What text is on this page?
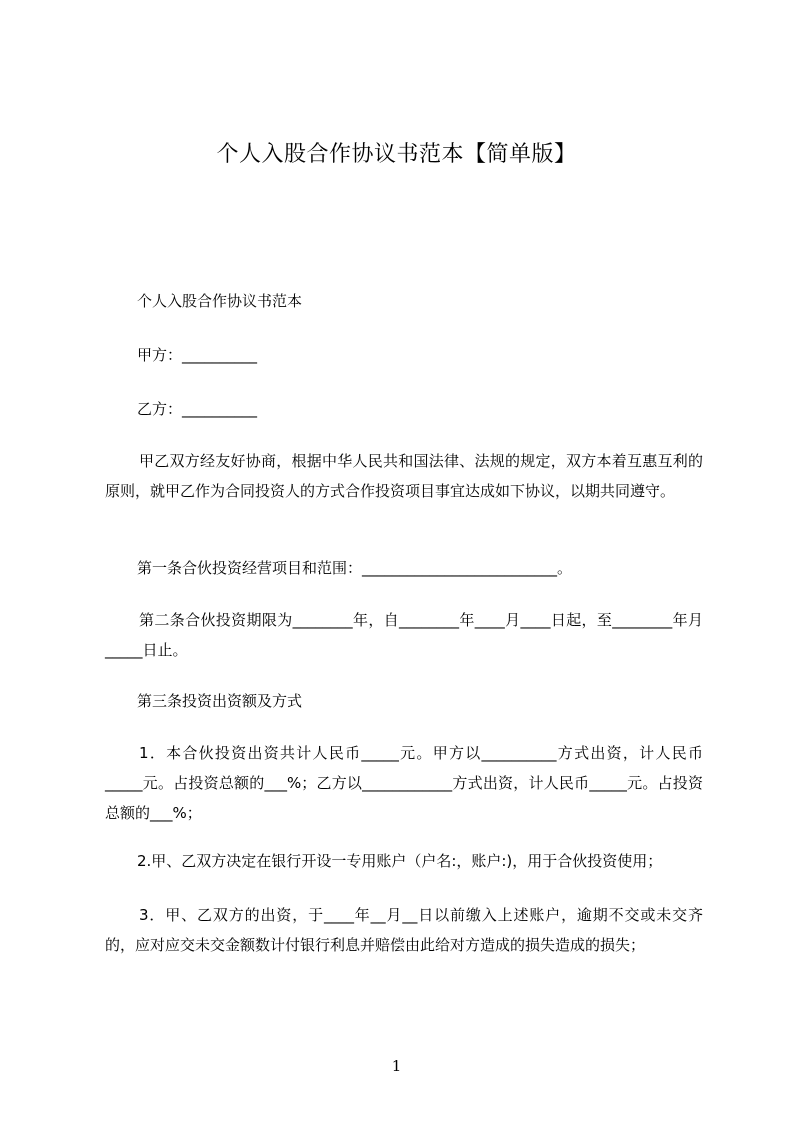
个人入股合作协议书范本【简单版】
个人入股合作协议书范本
甲方：__________
乙方：__________
甲乙双方经友好协商，根据中华人民共和国法律、法规的规定，双方本着互惠互利的原则，就甲乙作为合同投资人的方式合作投资项目事宜达成如下协议，以期共同遵守。
第一条合伙投资经营项目和范围：__________________________。
第二条合伙投资期限为________年，自________年____月____日起，至________年月_____日止。
第三条投资出资额及方式
1．本合伙投资出资共计人民币_____元。甲方以__________方式出资，计人民币_____元。占投资总额的___%；乙方以____________方式出资，计人民币_____元。占投资总额的___%；
2.甲、乙双方决定在银行开设一专用账户（户名:，账户:)，用于合伙投资使用；
3．甲、乙双方的出资，于____年__月__日以前缴入上述账户，逾期不交或未交齐的，应对应交未交金额数计付银行利息并赔偿由此给对方造成的损失造成的损失；
1
